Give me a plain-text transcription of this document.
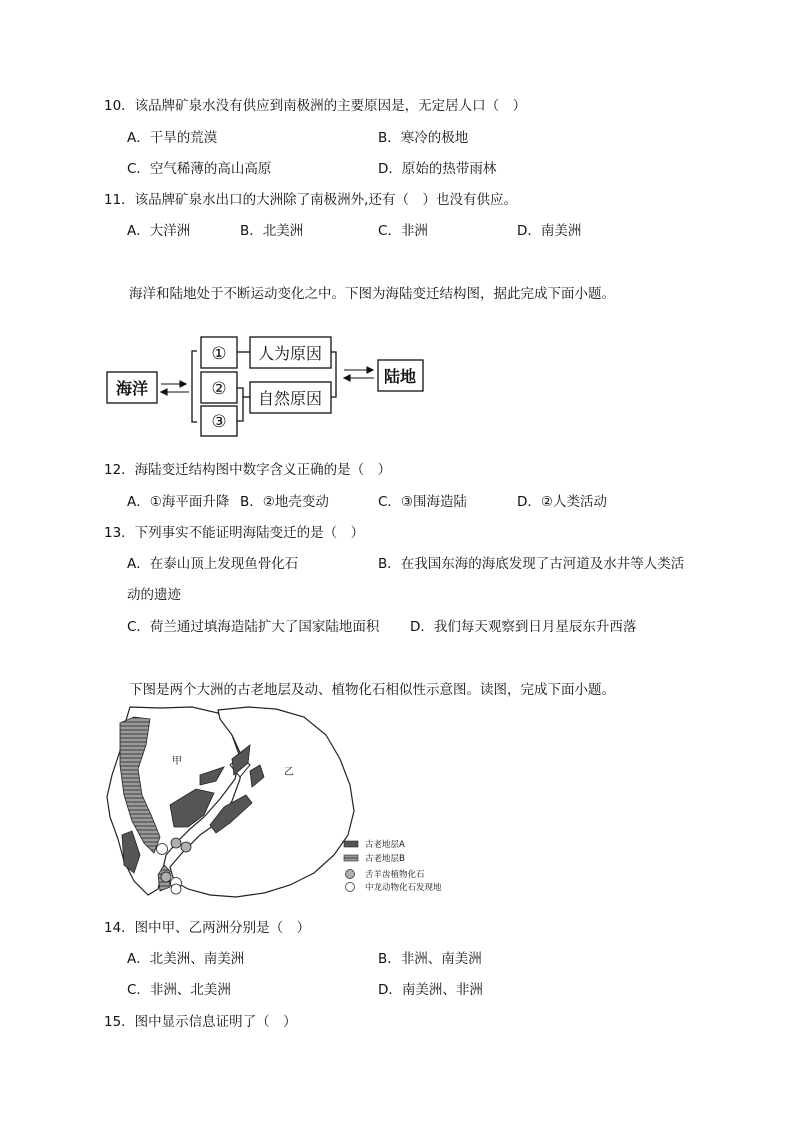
10．该品牌矿泉水没有供应到南极洲的主要原因是，无定居人口（　）
A．干旱的荒漠	B．寒冷的极地
C．空气稀薄的高山高原	D．原始的热带雨林
11．该品牌矿泉水出口的大洲除了南极洲外,还有（　）也没有供应。
A．大洋洲	B．北美洲	C．非洲	D．南美洲
海洋和陆地处于不断运动变化之中。下图为海陆变迁结构图，据此完成下面小题。
海洋
①
②
③
人为原因
自然原因
陆地
12．海陆变迁结构图中数字含义正确的是（　）
A．①海平面升降 B．②地壳变动	C．③围海造陆	D．②人类活动
13．下列事实不能证明海陆变迁的是（　）
A．在泰山顶上发现鱼骨化石	B．在我国东海的海底发现了古河道及水井等人类活
动的遗迹
C．荷兰通过填海造陆扩大了国家陆地面积 D．我们每天观察到日月星辰东升西落
下图是两个大洲的古老地层及动、植物化石相似性示意图。读图，完成下面小题。
甲
乙
古老地层A
古老地层B
舌羊齿植物化石
中龙动物化石发现地
14．图中甲、乙两洲分别是（　）
A．北美洲、南美洲	B．非洲、南美洲
C．非洲、北美洲	D．南美洲、非洲
15．图中显示信息证明了（　）
